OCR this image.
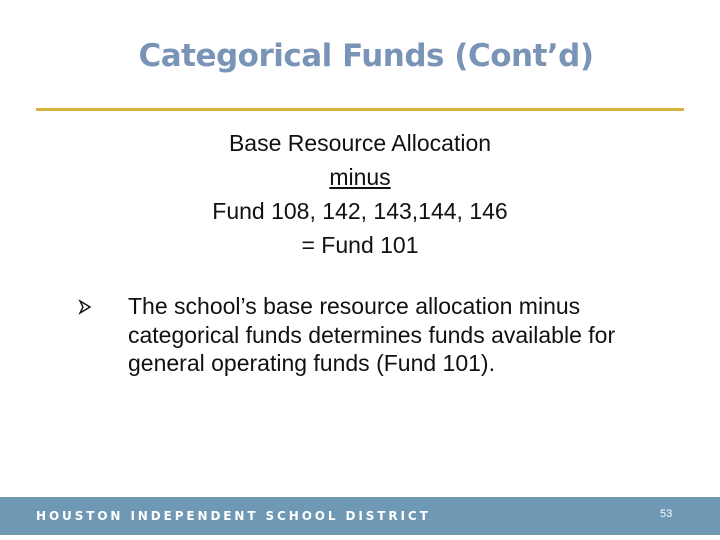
Categorical Funds (Cont’d)
Base Resource Allocation
minus
Fund 108, 142, 143,144, 146
= Fund 101
The school’s base resource allocation minus categorical funds determines funds available for general operating funds (Fund 101).
HOUSTON INDEPENDENT SCHOOL DISTRICT	53
